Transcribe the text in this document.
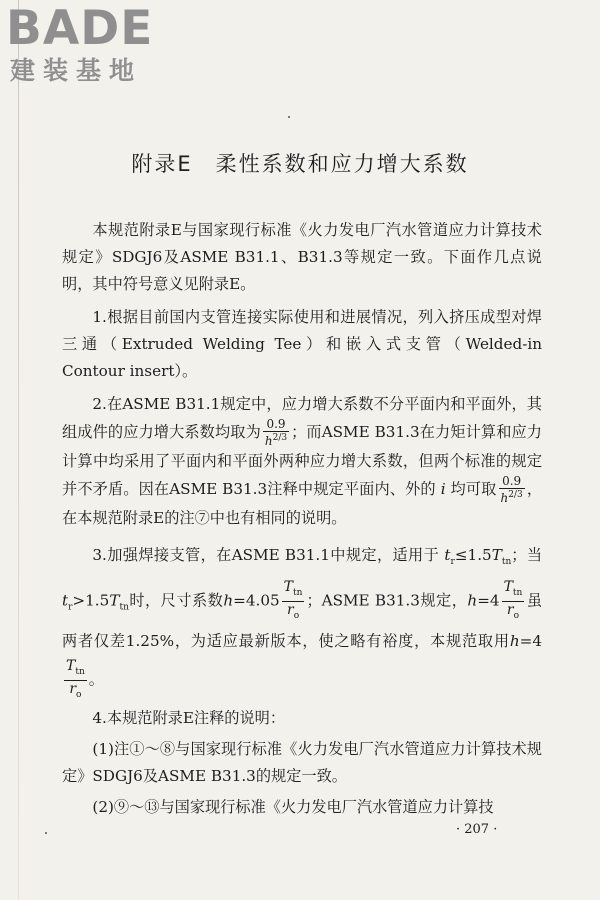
BADE
建装基地
附录E　柔性系数和应力增大系数

本规范附录E与国家现行标准《火力发电厂汽水管道应力计算技术规定》SDGJ6及ASME B31.1、B31.3等规定一致。下面作几点说明，其中符号意义见附录E。

1.根据目前国内支管连接实际使用和进展情况，列入挤压成型对焊三通（Extruded Welding Tee）和嵌入式支管（Welded-in Contour insert）。

2.在ASME B31.1规定中，应力增大系数不分平面内和平面外，其组成件的应力增大系数均取为 $\frac{0.9}{h^{2/3}}$ ；而ASME B31.3在力矩计算和应力计算中均采用了平面内和平面外两种应力增大系数，但两个标准的规定并不矛盾。因在ASME B31.3注释中规定平面内、外的 i 均可取 $\frac{0.9}{h^{2/3}}$ ，在本规范附录E的注⑦中也有相同的说明。

3.加强焊接支管，在ASME B31.1中规定，适用于 $t_r\le 1.5T_{tn}$；当$t_r>1.5T_{tn}$时，尺寸系数$h=4.05 \frac{T_{tn}}{r_o}$ ；ASME B31.3规定，$h=4 \frac{T_{tn}}{r_o}$ 虽两者仅差1.25%，为适应最新版本，使之略有裕度，本规范取用h=4
$\frac{T_{tn}}{r_o}$ 。

4.本规范附录E注释的说明：

(1)注①～⑧与国家现行标准《火力发电厂汽水管道应力计算技术规定》SDGJ6及ASME B31.3的规定一致。

(2)⑨～⑬与国家现行标准《火力发电厂汽水管道应力计算技

· 207 ·
